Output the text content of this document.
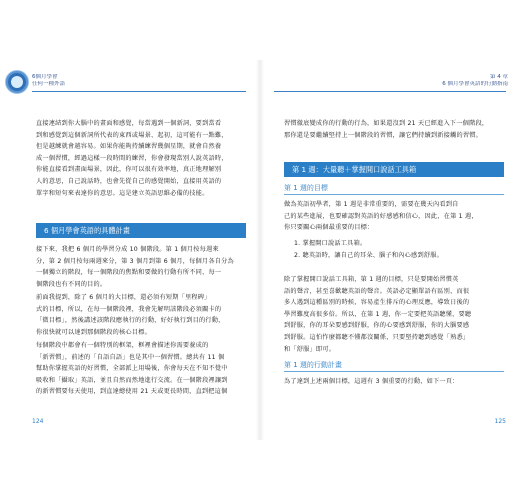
6個月學會
任何一種外語
直接連結到你大腦中的畫面和感覺，每當遇到一個新詞，要到當看
到和感覺到這個新詞所代表的東西或場景、起初，這可能有一點難，
但是越練就會越容易。如果你能夠持續練習幾個星期，就會自然養
成一個習慣，經過這樣一段時間的練習，你會發現當別人說英語時，
你能直接看到畫面場景，因此，你可以很有效率地，真正地理解別
人的意思，自己說話時，也會先從自己的感覺開始，直接用英語的
單字和短句來表達你的意思。這是建立英語思維必備的技能。
6 個月學會英語的具體計畫
接下來，我把 6 個月的學習分成 10 個階段。第 1 個月按每週來
分，第 2 個月按每兩週來分，第 3 個月到第 6 個月，每個月各自分為
一個獨立的階段，每一個階段的焦點和要做的行動有所不同，每一
個階段也有不同的目的。
前面我提到，除了 6 個月的大目標，還必須有短期「里程碑」
式的目標，所以，在每一個階段裡，我會先解明該階段必須關卡的
「微目標」，然後講述該階段應執行的行動，好好執行到目的行動，
你很快就可以達到那個階段的核心目標。
每個階段中都會有一個特別的框架，框裡會描述你需要養成的
「新習慣」，前述的「自語自語」也是其中一個習慣。總共有 11 個
幫助你掌握英語的好習慣，全部派上用場後，你會每天在不知不覺中
吸收和「攝取」英語，並且自然而然地進行交流。在一個階段裡讓到
的新習慣要每天使用，到直達總使用 21 天或更長時間，直到把這個
124
第 4 章
6 個月學會英語的行動指南
習慣徹底變成你的行動的行為，如果還沒到 21 天已經進入下一個階段，
那你還是要繼續堅持上一個階段的習慣，讓它們持續到新接觸的習慣。
第 1 週：大量聽＋掌握開口說話工具箱
第 1 週的目標
做為英語初學者，第 1 週是非常重要的，需要在幾天內看到自
己的某些進展，也要確認對英語的好感感和信心，因此，在第 1 週，
你只要關心兩個最重要的目標：
1. 掌握開口說話工具箱。
2. 聽英語時，讓自己的耳朵、腦子和內心感到舒服。
除了掌握開口說話工具箱，第 1 週的目標，只是要開始習慣英
語的聲音，甚至喜歡聽英語的聲音。英語必定顯單語有區別，而很
多人遇到這種區別的時候，容易產生排斥的心理反應，導致日後的
學習難度高很多倍。所以，在第 1 週，你一定要把英語聽懂，要聽
到舒服，你的耳朵要感到舒服，你的心要感到舒服，你的大腦要感
到舒服。這怕怍麼都聽不懂都沒關係，只要堅持聽到感覺「熟悉」
和「舒服」即可。
第 1 週的行動計畫
為了達到上述兩個目標，這週有 3 個重要的行動，如下一頁：
125
